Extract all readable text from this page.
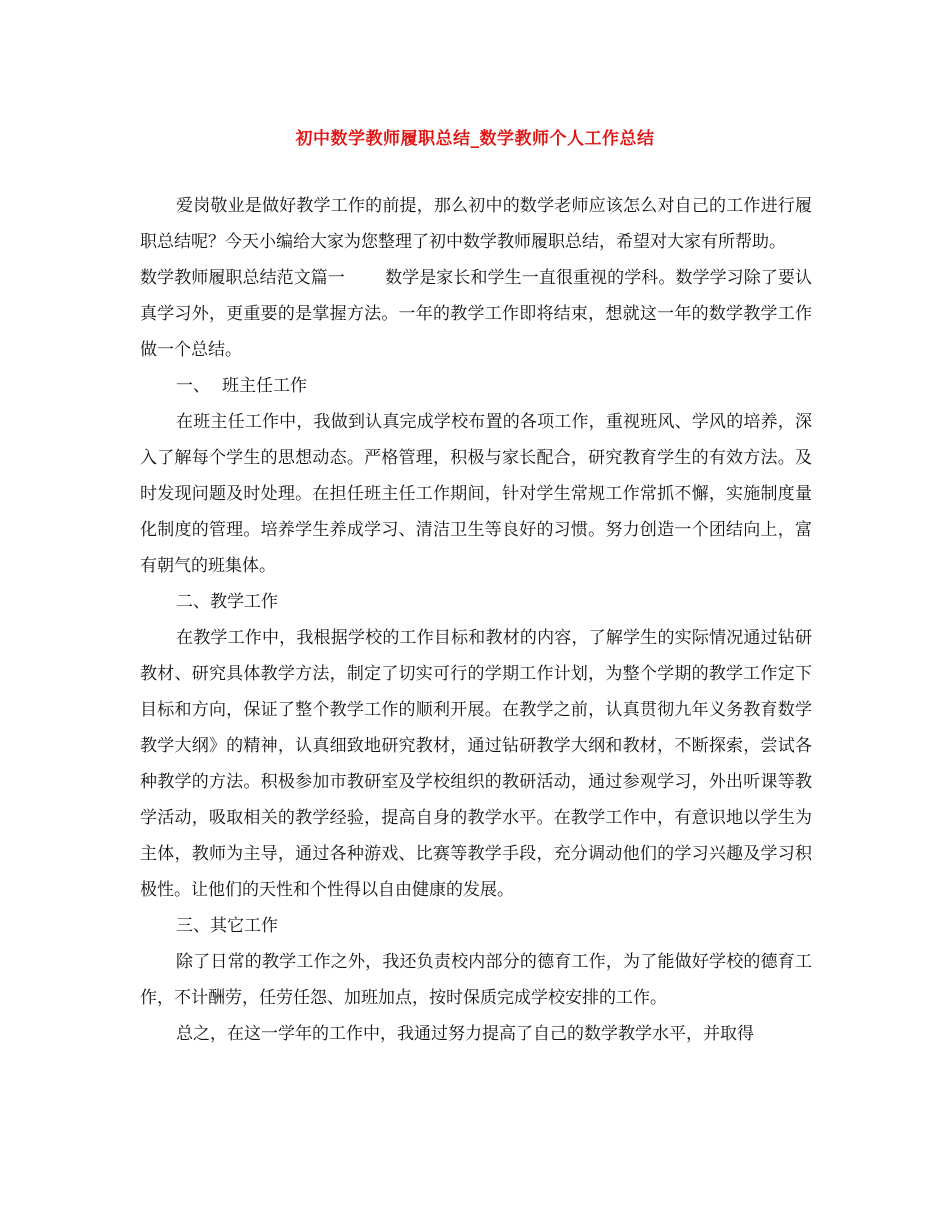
初中数学教师履职总结_数学教师个人工作总结

爱岗敬业是做好教学工作的前提，那么初中的数学老师应该怎么对自己的工作进行履职总结呢？今天小编给大家为您整理了初中数学教师履职总结，希望对大家有所帮助。

数学教师履职总结范文篇一 数学是家长和学生一直很重视的学科。数学学习除了要认真学习外，更重要的是掌握方法。一年的教学工作即将结束，想就这一年的数学教学工作做一个总结。

一、 班主任工作

在班主任工作中，我做到认真完成学校布置的各项工作，重视班风、学风的培养，深入了解每个学生的思想动态。严格管理，积极与家长配合，研究教育学生的有效方法。及时发现问题及时处理。在担任班主任工作期间，针对学生常规工作常抓不懈，实施制度量化制度的管理。培养学生养成学习、清洁卫生等良好的习惯。努力创造一个团结向上，富有朝气的班集体。

二、教学工作

在教学工作中，我根据学校的工作目标和教材的内容，了解学生的实际情况通过钻研教材、研究具体教学方法，制定了切实可行的学期工作计划，为整个学期的教学工作定下目标和方向，保证了整个教学工作的顺利开展。在教学之前，认真贯彻九年义务教育数学教学大纲》的精神，认真细致地研究教材，通过钻研教学大纲和教材，不断探索，尝试各种教学的方法。积极参加市教研室及学校组织的教研活动，通过参观学习，外出听课等教学活动，吸取相关的教学经验，提高自身的教学水平。在教学工作中，有意识地以学生为主体，教师为主导，通过各种游戏、比赛等教学手段，充分调动他们的学习兴趣及学习积极性。让他们的天性和个性得以自由健康的发展。

三、其它工作

除了日常的教学工作之外，我还负责校内部分的德育工作，为了能做好学校的德育工作，不计酬劳，任劳任怨、加班加点，按时保质完成学校安排的工作。

总之，在这一学年的工作中，我通过努力提高了自己的数学教学水平，并取得
